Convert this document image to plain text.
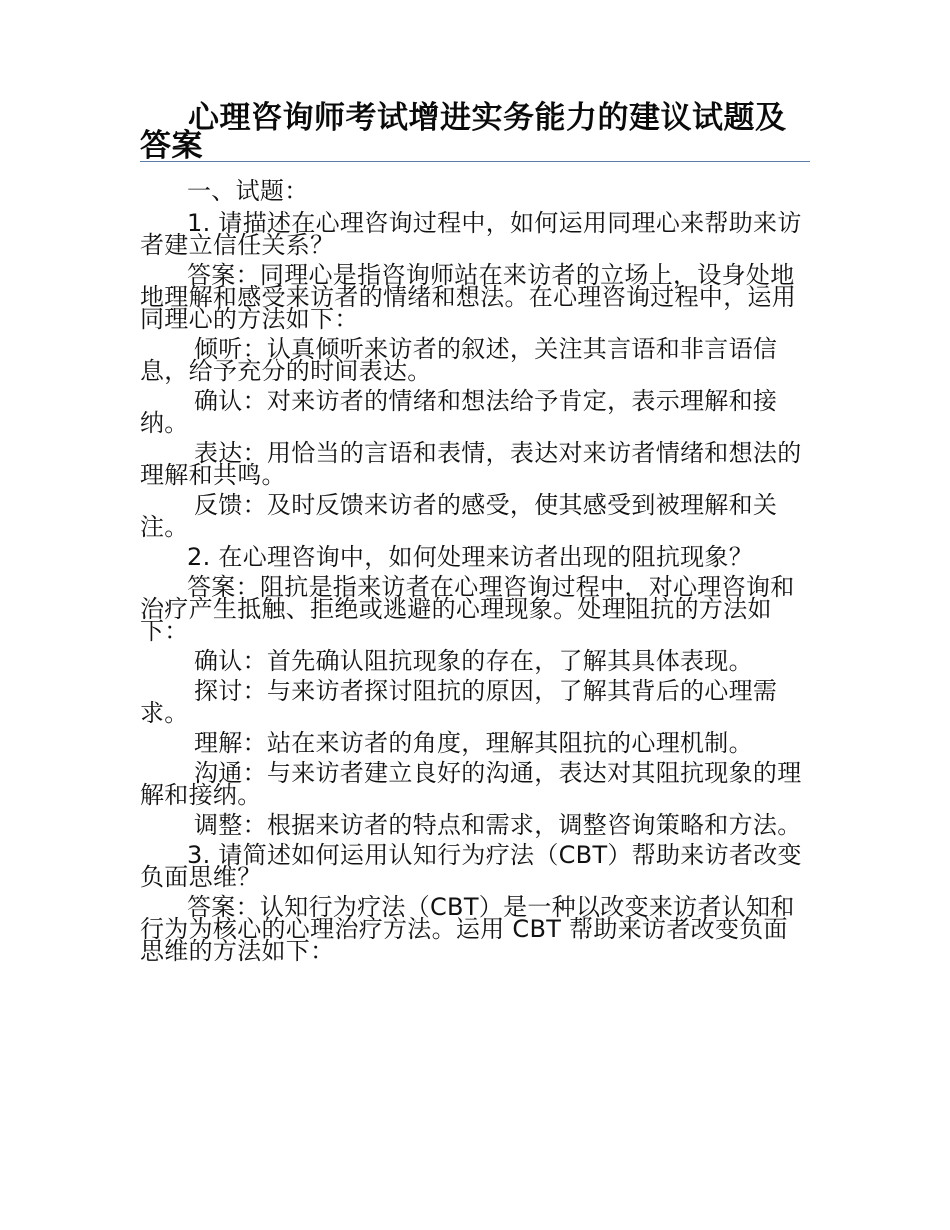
心理咨询师考试增进实务能力的建议试题及答案

一、试题：

1. 请描述在心理咨询过程中，如何运用同理心来帮助来访者建立信任关系？

答案：同理心是指咨询师站在来访者的立场上，设身处地地理解和感受来访者的情绪和想法。在心理咨询过程中，运用同理心的方法如下：

倾听：认真倾听来访者的叙述，关注其言语和非言语信息，给予充分的时间表达。

确认：对来访者的情绪和想法给予肯定，表示理解和接纳。

表达：用恰当的言语和表情，表达对来访者情绪和想法的理解和共鸣。

反馈：及时反馈来访者的感受，使其感受到被理解和关注。

2. 在心理咨询中，如何处理来访者出现的阻抗现象？

答案：阻抗是指来访者在心理咨询过程中，对心理咨询和治疗产生抵触、拒绝或逃避的心理现象。处理阻抗的方法如下：

确认：首先确认阻抗现象的存在，了解其具体表现。

探讨：与来访者探讨阻抗的原因，了解其背后的心理需求。

理解：站在来访者的角度，理解其阻抗的心理机制。

沟通：与来访者建立良好的沟通，表达对其阻抗现象的理解和接纳。

调整：根据来访者的特点和需求，调整咨询策略和方法。

3. 请简述如何运用认知行为疗法（CBT）帮助来访者改变负面思维？

答案：认知行为疗法（CBT）是一种以改变来访者认知和行为为核心的心理治疗方法。运用 CBT 帮助来访者改变负面思维的方法如下：
